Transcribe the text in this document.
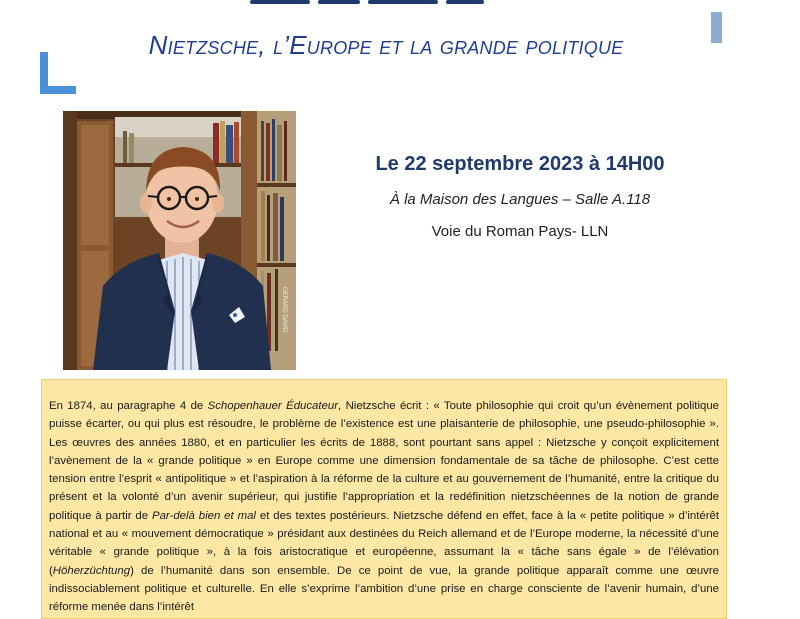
Nietzsche, l’Europe et la grande politique
GERARD DAVID

Le 22 septembre 2023 à 14H00

À la Maison des Langues – Salle A.118

Voie du Roman Pays- LLN

En 1874, au paragraphe 4 de Schopenhauer Éducateur, Nietzsche écrit : « Toute philosophie qui croit qu’un évènement politique puisse écarter, ou qui plus est résoudre, le problème de l’existence est une plaisanterie de philosophie, une pseudo-philosophie ». Les œuvres des années 1880, et en particulier les écrits de 1888, sont pourtant sans appel : Nietzsche y conçoit explicitement l’avènement de la « grande politique » en Europe comme une dimension fondamentale de sa tâche de philosophe. C’est cette tension entre l’esprit « antipolitique » et l’aspiration à la réforme de la culture et au gouvernement de l’humanité, entre la critique du présent et la volonté d’un avenir supérieur, qui justifie l’appropriation et la redéfinition nietzschéennes de la notion de grande politique à partir de Par-delà bien et mal et des textes postérieurs. Nietzsche défend en effet, face à la « petite politique » d’intérêt national et au « mouvement démocratique » présidant aux destinées du Reich allemand et de l’Europe moderne, la nécessité d’une véritable « grande politique », à la fois aristocratique et européenne, assumant la « tâche sans égale » de l’élévation (Höherzüchtung) de l’humanité dans son ensemble. De ce point de vue, la grande politique apparaît comme une œuvre indissociablement politique et culturelle. En elle s’exprime l’ambition d’une prise en charge consciente de l’avenir humain, d’une réforme menée dans l’intérêt
